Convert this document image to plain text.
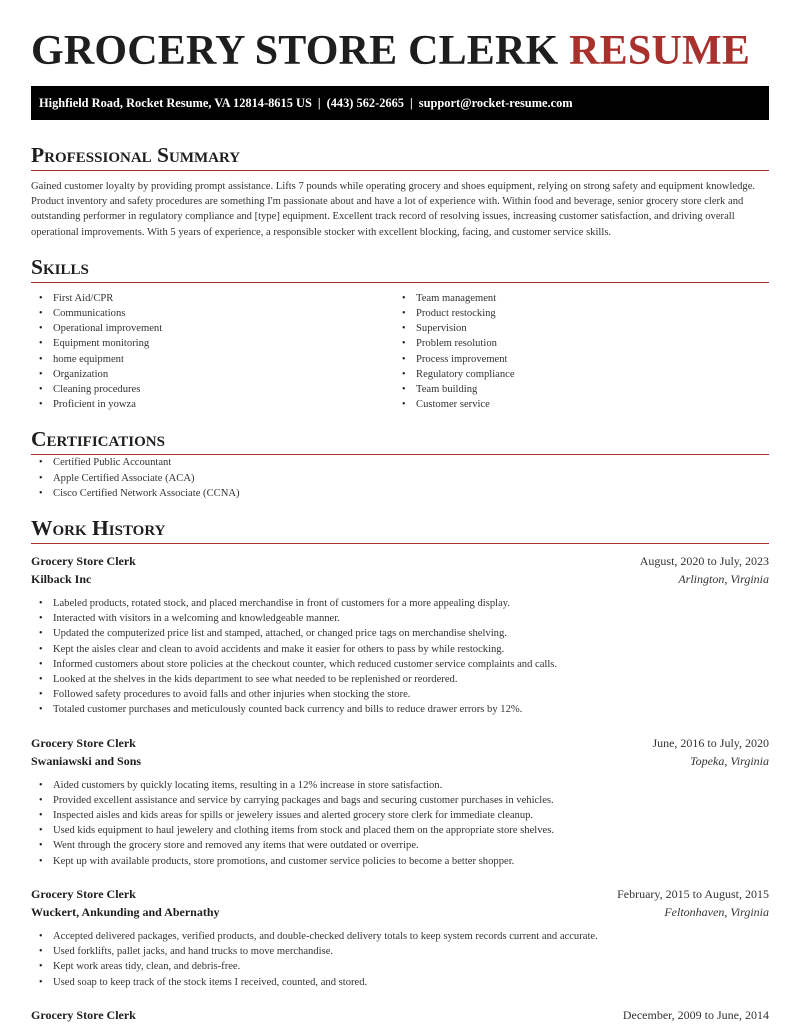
GROCERY STORE CLERK RESUME
Highfield Road, Rocket Resume, VA 12814-8615 US | (443) 562-2665 | support@rocket-resume.com
Professional Summary
Gained customer loyalty by providing prompt assistance. Lifts 7 pounds while operating grocery and shoes equipment, relying on strong safety and equipment knowledge. Product inventory and safety procedures are something I'm passionate about and have a lot of experience with. Within food and beverage, senior grocery store clerk and outstanding performer in regulatory compliance and [type] equipment. Excellent track record of resolving issues, increasing customer satisfaction, and driving overall operational improvements. With 5 years of experience, a responsible stocker with excellent blocking, facing, and customer service skills.
Skills
• First Aid/CPR
• Communications
• Operational improvement
• Equipment monitoring
• home equipment
• Organization
• Cleaning procedures
• Proficient in yowza
• Team management
• Product restocking
• Supervision
• Problem resolution
• Process improvement
• Regulatory compliance
• Team building
• Customer service
Certifications
• Certified Public Accountant
• Apple Certified Associate (ACA)
• Cisco Certified Network Associate (CCNA)
Work History
Grocery Store Clerk	August, 2020 to July, 2023
Kilback Inc	Arlington, Virginia
• Labeled products, rotated stock, and placed merchandise in front of customers for a more appealing display.
• Interacted with visitors in a welcoming and knowledgeable manner.
• Updated the computerized price list and stamped, attached, or changed price tags on merchandise shelving.
• Kept the aisles clear and clean to avoid accidents and make it easier for others to pass by while restocking.
• Informed customers about store policies at the checkout counter, which reduced customer service complaints and calls.
• Looked at the shelves in the kids department to see what needed to be replenished or reordered.
• Followed safety procedures to avoid falls and other injuries when stocking the store.
• Totaled customer purchases and meticulously counted back currency and bills to reduce drawer errors by 12%.
Grocery Store Clerk	June, 2016 to July, 2020
Swaniawski and Sons	Topeka, Virginia
• Aided customers by quickly locating items, resulting in a 12% increase in store satisfaction.
• Provided excellent assistance and service by carrying packages and bags and securing customer purchases in vehicles.
• Inspected aisles and kids areas for spills or jewelery issues and alerted grocery store clerk for immediate cleanup.
• Used kids equipment to haul jewelery and clothing items from stock and placed them on the appropriate store shelves.
• Went through the grocery store and removed any items that were outdated or overripe.
• Kept up with available products, store promotions, and customer service policies to become a better shopper.
Grocery Store Clerk	February, 2015 to August, 2015
Wuckert, Ankunding and Abernathy	Feltonhaven, Virginia
• Accepted delivered packages, verified products, and double-checked delivery totals to keep system records current and accurate.
• Used forklifts, pallet jacks, and hand trucks to move merchandise.
• Kept work areas tidy, clean, and debris-free.
• Used soap to keep track of the stock items I received, counted, and stored.
Grocery Store Clerk	December, 2009 to June, 2014
